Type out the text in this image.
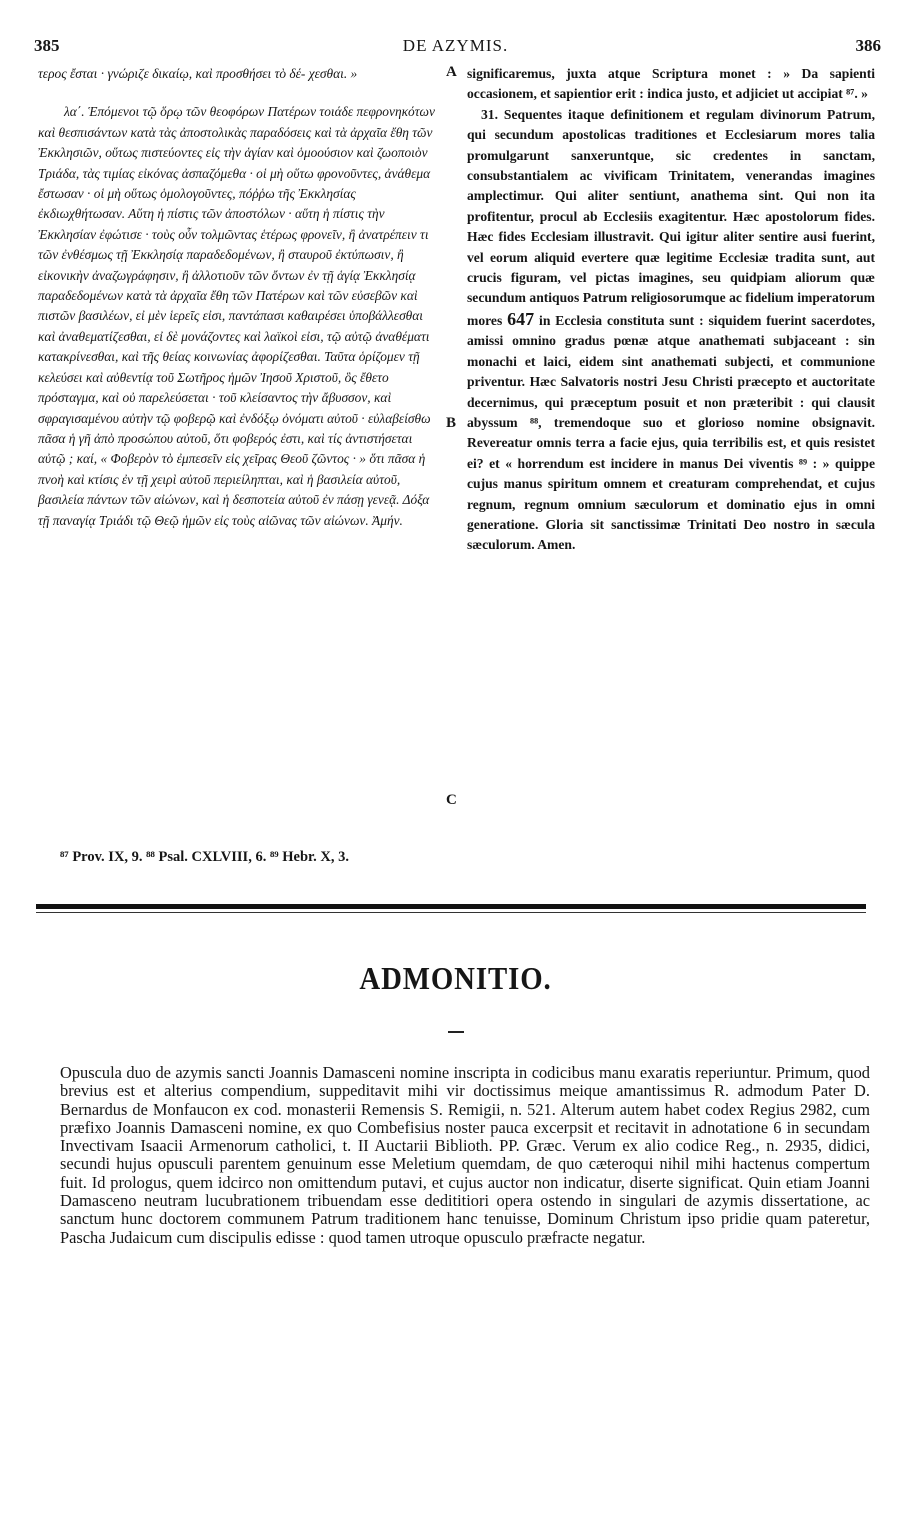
385	DE AZYMIS.	386

τερος ἔσται · γνώριζε δικαίῳ, καὶ προσθήσει τὸ δέ- χεσθαι. »

λα΄. Ἑπόμενοι τῷ ὅρῳ τῶν θεοφόρων Πατέρων τοιάδε πεφρονηκότων καὶ θεσπισάντων κατὰ τὰς ἀποστολικὰς παραδόσεις καὶ τὰ ἀρχαῖα ἔθη τῶν Ἐκκλησιῶν, οὕτως πιστεύοντες εἰς τὴν ἁγίαν καὶ ὁμοούσιον καὶ ζωοποιὸν Τριάδα, τὰς τιμίας εἰκόνας ἀσπαζόμεθα · οἱ μὴ οὕτω φρονοῦντες, ἀνάθεμα ἔστωσαν · οἱ μὴ οὕτως ὁμολογοῦντες, πόῤῥω τῆς Ἐκκλησίας ἐκδιωχθήτωσαν. Αὕτη ἡ πίστις τῶν ἀποστόλων · αὕτη ἡ πίστις τὴν Ἐκκλησίαν ἐφώτισε · τοὺς οὖν τολμῶντας ἑτέρως φρονεῖν, ἢ ἀνατρέπειν τι τῶν ἐνθέσμως τῇ Ἐκκλησίᾳ παραδεδομένων, ἢ σταυροῦ ἐκτύπωσιν, ἢ εἰκονικὴν ἀναζωγράφησιν, ἢ ἀλλοτιοῦν τῶν ὄντων ἐν τῇ ἁγίᾳ Ἐκκλησίᾳ παραδεδομένων κατὰ τὰ ἀρχαῖα ἔθη τῶν Πατέρων καὶ τῶν εὐσεβῶν καὶ πιστῶν βασιλέων, εἰ μὲν ἱερεῖς εἰσι, παντάπασι καθαιρέσει ὑποβάλλεσθαι καὶ ἀναθεματίζεσθαι, εἰ δὲ μονάζοντες καὶ λαϊκοὶ εἰσι, τῷ αὐτῷ ἀναθέματι κατακρίνεσθαι, καὶ τῆς θείας κοινωνίας ἀφορίζεσθαι. Ταῦτα ὁρίζομεν τῇ κελεύσει καὶ αὐθεντίᾳ τοῦ Σωτῆρος ἡμῶν Ἰησοῦ Χριστοῦ, ὃς ἔθετο πρόσταγμα, καὶ οὐ παρελεύσεται · τοῦ κλείσαντος τὴν ἄβυσσον, καὶ σφραγισαμένου αὐτὴν τῷ φοβερῷ καὶ ἐνδόξῳ ὀνόματι αὐτοῦ · εὐλαβείσθω πᾶσα ἡ γῆ ἀπὸ προσώπου αὐτοῦ, ὅτι φοβερός ἐστι, καὶ τίς ἀντιστήσεται αὐτῷ ; καί, « Φοβερὸν τὸ ἐμπεσεῖν εἰς χεῖρας Θεοῦ ζῶντος · » ὅτι πᾶσα ἡ πνοὴ καὶ κτίσις ἐν τῇ χειρὶ αὐτοῦ περιείληπται, καὶ ἡ βασιλεία αὐτοῦ, βασιλεία πάντων τῶν αἰώνων, καὶ ἡ δεσποτεία αὐτοῦ ἐν πάσῃ γενεᾷ. Δόξα τῇ παναγίᾳ Τριάδι τῷ Θεῷ ἡμῶν εἰς τοὺς αἰῶνας τῶν αἰώνων. Ἀμήν.

A
B
C

significaremus, juxta atque Scriptura monet : » Da sapienti occasionem, et sapientior erit : indica justo, et adjiciet ut accipiat ⁸⁷. »

31. Sequentes itaque definitionem et regulam divinorum Patrum, qui secundum apostolicas traditiones et Ecclesiarum mores talia promulgarunt sanxeruntque, sic credentes in sanctam, consubstantialem ac vivificam Trinitatem, venerandas imagines amplectimur. Qui aliter sentiunt, anathema sint. Qui non ita profitentur, procul ab Ecclesiis exagitentur. Hæc apostolorum fides. Hæc fides Ecclesiam illustravit. Qui igitur aliter sentire ausi fuerint, vel eorum aliquid evertere quæ legitime Ecclesiæ tradita sunt, aut crucis figuram, vel pictas imagines, seu quidpiam aliorum quæ secundum antiquos Patrum religiosorumque ac fidelium imperatorum mores 647 in Ecclesia constituta sunt : siquidem fuerint sacerdotes, amissi omnino gradus pœnæ atque anathemati subjaceant : sin monachi et laici, eidem sint anathemati subjecti, et communione priventur. Hæc Salvatoris nostri Jesu Christi præcepto et auctoritate decernimus, qui præceptum posuit et non præteribit : qui clausit abyssum ⁸⁸, tremendoque suo et glorioso nomine obsignavit. Revereatur omnis terra a facie ejus, quia terribilis est, et quis resistet ei? et « horrendum est incidere in manus Dei viventis ⁸⁹ : » quippe cujus manus spiritum omnem et creaturam comprehendat, et cujus regnum, regnum omnium sæculorum et dominatio ejus in omni generatione. Gloria sit sanctissimæ Trinitati Deo nostro in sæcula sæculorum. Amen.

⁸⁷ Prov. IX, 9. ⁸⁸ Psal. CXLVIII, 6. ⁸⁹ Hebr. X, 3.
ADMONITIO.

Opuscula duo de azymis sancti Joannis Damasceni nomine inscripta in codicibus manu exaratis reperiuntur. Primum, quod brevius est et alterius compendium, suppeditavit mihi vir doctissimus meique amantissimus R. admodum Pater D. Bernardus de Monfaucon ex cod. monasterii Remensis S. Remigii, n. 521. Alterum autem habet codex Regius 2982, cum præfixo Joannis Damasceni nomine, ex quo Combefisius noster pauca excerpsit et recitavit in adnotatione 6 in secundam Invectivam Isaacii Armenorum catholici, t. II Auctarii Biblioth. PP. Græc. Verum ex alio codice Reg., n. 2935, didici, secundi hujus opusculi parentem genuinum esse Meletium quemdam, de quo cæteroqui nihil mihi hactenus compertum fuit. Id prologus, quem idcirco non omittendum putavi, et cujus auctor non indicatur, diserte significat. Quin etiam Joanni Damasceno neutram lucubrationem tribuendam esse dedititiori opera ostendo in singulari de azymis dissertatione, ac sanctum hunc doctorem communem Patrum traditionem hanc tenuisse, Dominum Christum ipso pridie quam pateretur, Pascha Judaicum cum discipulis edisse : quod tamen utroque opusculo præfracte negatur.
